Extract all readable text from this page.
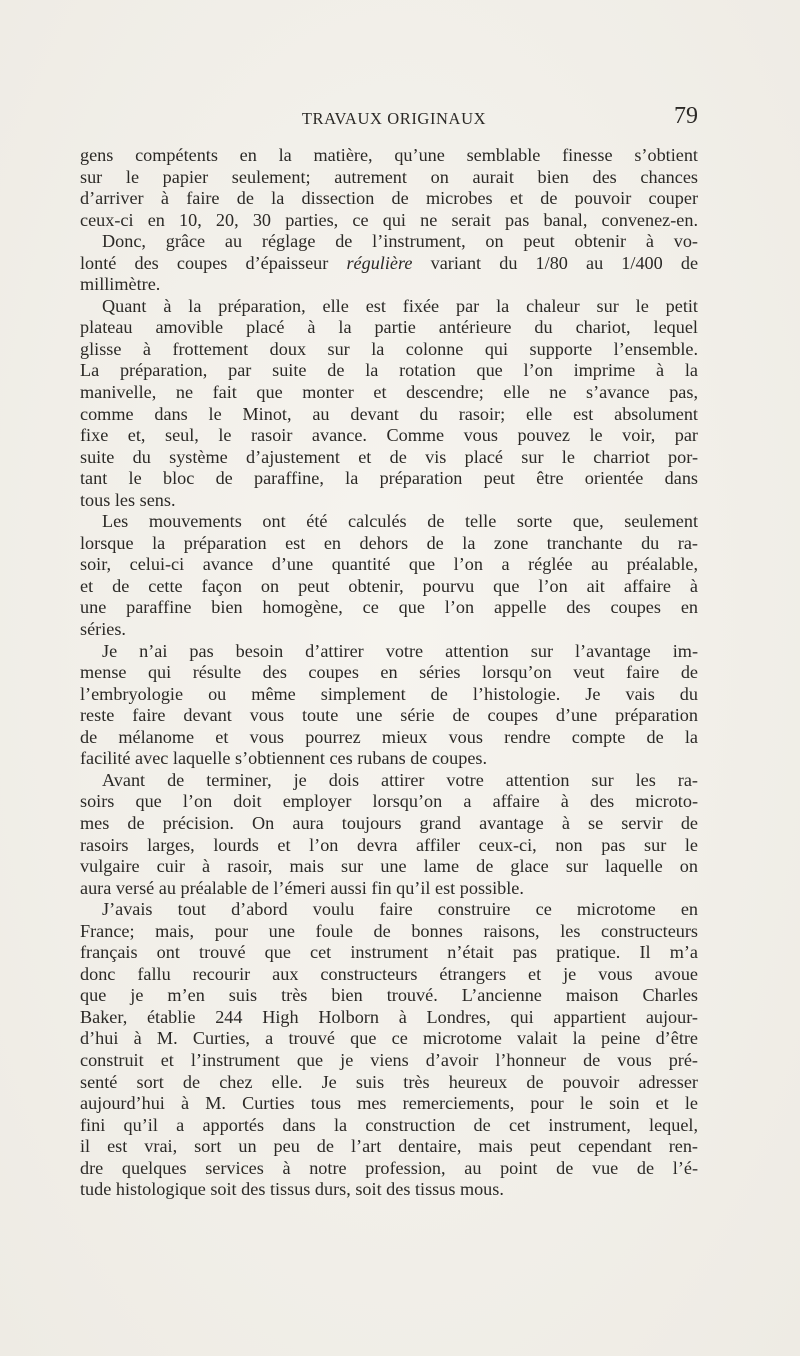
TRAVAUX ORIGINAUX	79
gens compétents en la matière, qu’une semblable finesse s’obtient
sur le papier seulement; autrement on aurait bien des chances
d’arriver à faire de la dissection de microbes et de pouvoir couper
ceux-ci en 10, 20, 30 parties, ce qui ne serait pas banal, convenez-en.
Donc, grâce au réglage de l’instrument, on peut obtenir à vo-
lonté des coupes d’épaisseur régulière variant du 1/80 au 1/400 de
millimètre.
Quant à la préparation, elle est fixée par la chaleur sur le petit
plateau amovible placé à la partie antérieure du chariot, lequel
glisse à frottement doux sur la colonne qui supporte l’ensemble.
La préparation, par suite de la rotation que l’on imprime à la
manivelle, ne fait que monter et descendre; elle ne s’avance pas,
comme dans le Minot, au devant du rasoir; elle est absolument
fixe et, seul, le rasoir avance. Comme vous pouvez le voir, par
suite du système d’ajustement et de vis placé sur le charriot por-
tant le bloc de paraffine, la préparation peut être orientée dans
tous les sens.
Les mouvements ont été calculés de telle sorte que, seulement
lorsque la préparation est en dehors de la zone tranchante du ra-
soir, celui-ci avance d’une quantité que l’on a réglée au préalable,
et de cette façon on peut obtenir, pourvu que l’on ait affaire à
une paraffine bien homogène, ce que l’on appelle des coupes en
séries.
Je n’ai pas besoin d’attirer votre attention sur l’avantage im-
mense qui résulte des coupes en séries lorsqu’on veut faire de
l’embryologie ou même simplement de l’histologie. Je vais du
reste faire devant vous toute une série de coupes d’une préparation
de mélanome et vous pourrez mieux vous rendre compte de la
facilité avec laquelle s’obtiennent ces rubans de coupes.
Avant de terminer, je dois attirer votre attention sur les ra-
soirs que l’on doit employer lorsqu’on a affaire à des microto-
mes de précision. On aura toujours grand avantage à se servir de
rasoirs larges, lourds et l’on devra affiler ceux-ci, non pas sur le
vulgaire cuir à rasoir, mais sur une lame de glace sur laquelle on
aura versé au préalable de l’émeri aussi fin qu’il est possible.
J’avais tout d’abord voulu faire construire ce microtome en
France; mais, pour une foule de bonnes raisons, les constructeurs
français ont trouvé que cet instrument n’était pas pratique. Il m’a
donc fallu recourir aux constructeurs étrangers et je vous avoue
que je m’en suis très bien trouvé. L’ancienne maison Charles
Baker, établie 244 High Holborn à Londres, qui appartient aujour-
d’hui à M. Curties, a trouvé que ce microtome valait la peine d’être
construit et l’instrument que je viens d’avoir l’honneur de vous pré-
senté sort de chez elle. Je suis très heureux de pouvoir adresser
aujourd’hui à M. Curties tous mes remerciements, pour le soin et le
fini qu’il a apportés dans la construction de cet instrument, lequel,
il est vrai, sort un peu de l’art dentaire, mais peut cependant ren-
dre quelques services à notre profession, au point de vue de l’é-
tude histologique soit des tissus durs, soit des tissus mous.
